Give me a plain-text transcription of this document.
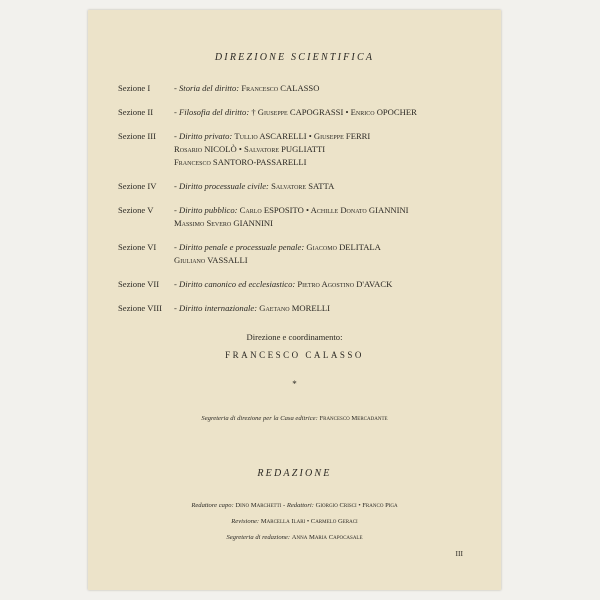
DIREZIONE SCIENTIFICA
Sezione I	- Storia del diritto: Francesco CALASSO
Sezione II	- Filosofia del diritto: † Giuseppe CAPOGRASSI • Enrico OPOCHER
Sezione III	- Diritto privato: Tullio ASCARELLI • Giuseppe FERRI
Rosario NICOLÒ • Salvatore PUGLIATTI
Francesco SANTORO-PASSARELLI
Sezione IV	- Diritto processuale civile: Salvatore SATTA
Sezione V	- Diritto pubblico: Carlo ESPOSITO • Achille Donato GIANNINI
Massimo Severo GIANNINI
Sezione VI	- Diritto penale e processuale penale: Giacomo DELITALA
Giuliano VASSALLI
Sezione VII	- Diritto canonico ed ecclesiastico: Pietro Agostino D'AVACK
Sezione VIII	- Diritto internazionale: Gaetano MORELLI
Direzione e coordinamento:
FRANCESCO CALASSO
*
Segreteria di direzione per la Casa editrice: Francesco Mercadante
REDAZIONE
Redattore capo: Dino Marchetti - Redattori: Giorgio Crisci • Franco Piga
Revisione: Marcella Ilari • Carmelo Geraci
Segreteria di redazione: Anna Maria Capocasale
III
